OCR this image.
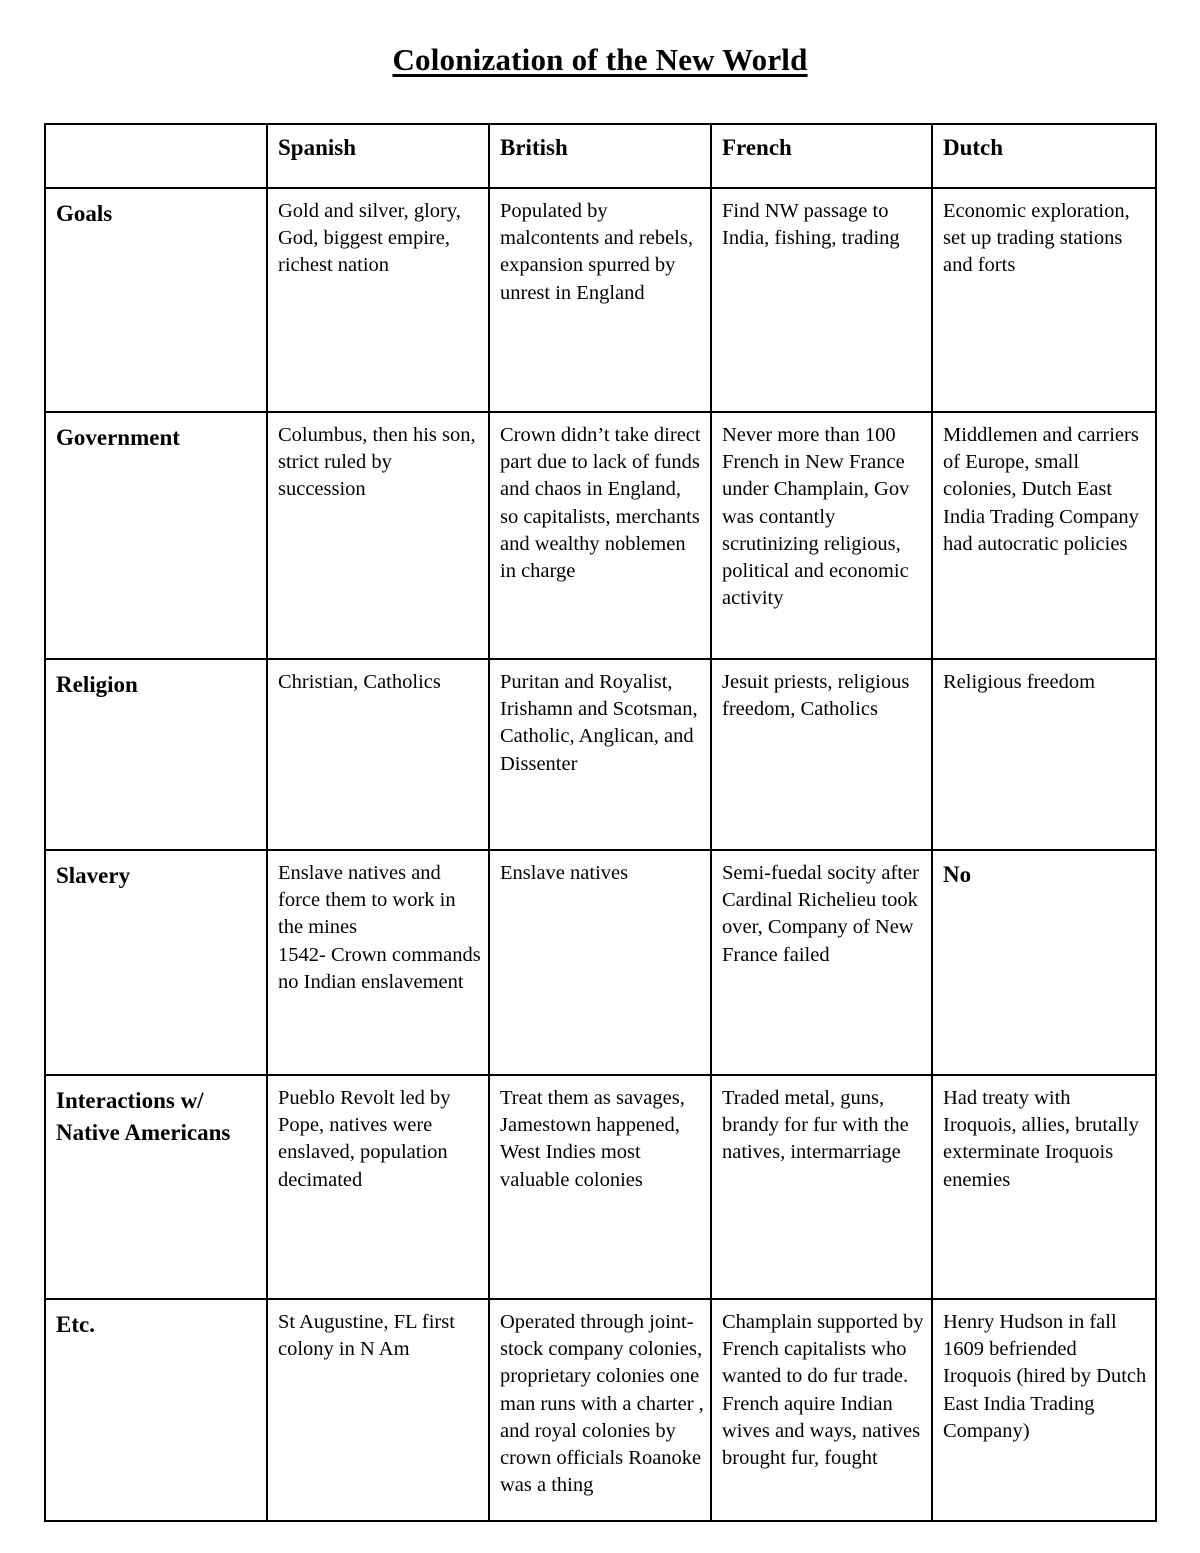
Colonization of the New World

	Spanish	British	French	Dutch

Goals	Gold and silver, glory, God, biggest empire, richest nation	Populated by malcontents and rebels, expansion spurred by unrest in England	Find NW passage to India, fishing, trading	Economic exploration, set up trading stations and forts

Government	Columbus, then his son, strict ruled by succession	Crown didn’t take direct part due to lack of funds and chaos in England, so capitalists, merchants and wealthy noblemen in charge	Never more than 100 French in New France under Champlain, Gov was contantly scrutinizing religious, political and economic activity	Middlemen and carriers of Europe, small colonies, Dutch East India Trading Company had autocratic policies

Religion	Christian, Catholics	Puritan and Royalist, Irishamn and Scotsman, Catholic, Anglican, and Dissenter	Jesuit priests, religious freedom, Catholics	Religious freedom

Slavery	Enslave natives and force them to work in the mines
1542- Crown commands no Indian enslavement	Enslave natives	Semi-fuedal socity after Cardinal Richelieu took over, Company of New France failed	No

Interactions w/ Native Americans	Pueblo Revolt led by Pope, natives were enslaved, population decimated	Treat them as savages, Jamestown happened, West Indies most valuable colonies	Traded metal, guns, brandy for fur with the natives, intermarriage	Had treaty with Iroquois, allies, brutally exterminate Iroquois enemies

Etc.	St Augustine, FL first colony in N Am	Operated through joint-stock company colonies, proprietary colonies one man runs with a charter , and royal colonies by crown officials Roanoke was a thing	Champlain supported by French capitalists who wanted to do fur trade. French aquire Indian wives and ways, natives brought fur, fought	Henry Hudson in fall 1609 befriended Iroquois (hired by Dutch East India Trading Company)
